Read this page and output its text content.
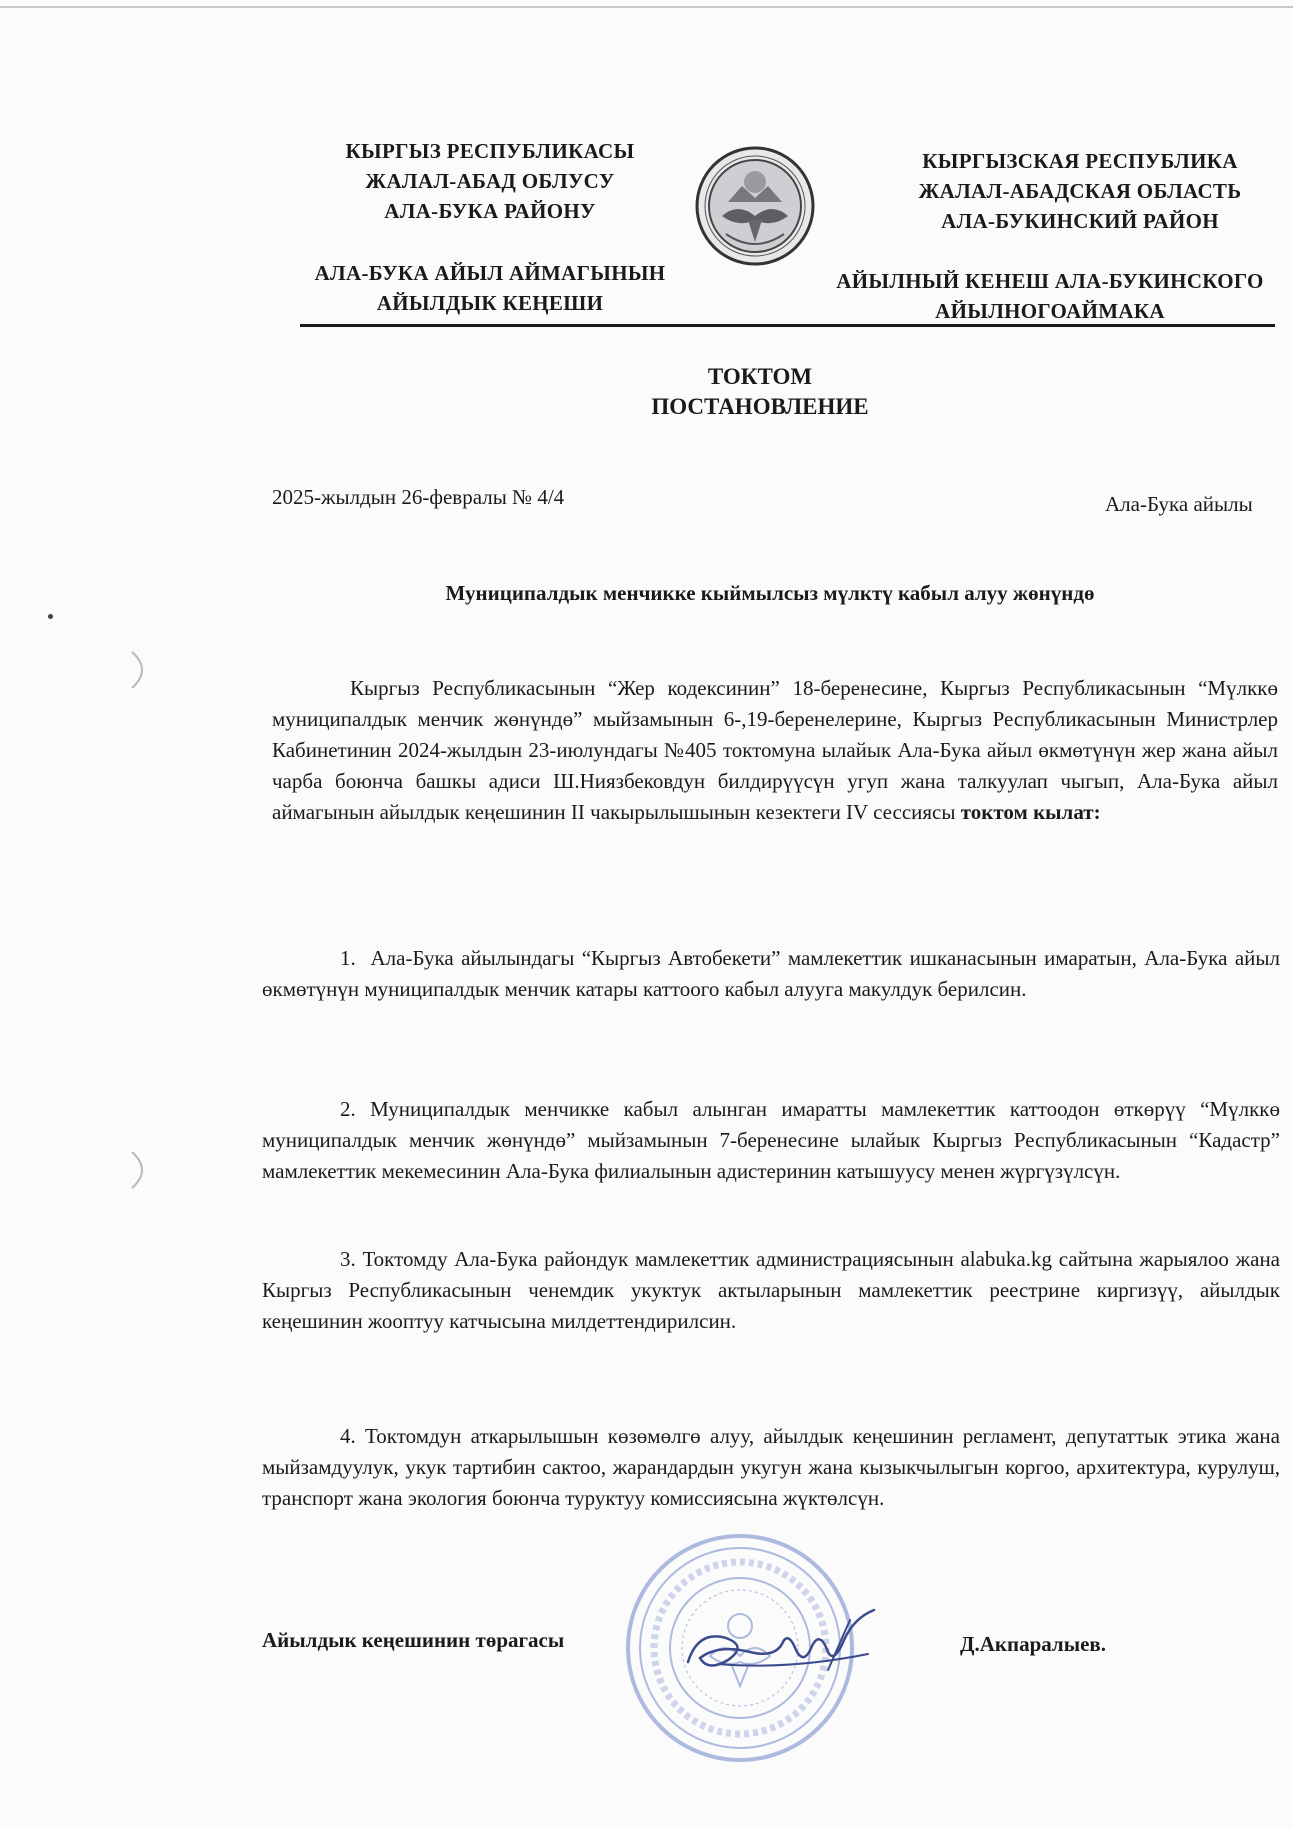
КЫРГЫЗ РЕСПУБЛИКАСЫ
ЖАЛАЛ-АБАД ОБЛУСУ
АЛА-БУКА РАЙОНУ
КЫРГЫЗСКАЯ РЕСПУБЛИКА
ЖАЛАЛ-АБАДСКАЯ ОБЛАСТЬ
АЛА-БУКИНСКИЙ РАЙОН
АЛА-БУКА АЙЫЛ АЙМАГЫНЫН
АЙЫЛДЫК КЕҢЕШИ
АЙЫЛНЫЙ КЕНЕШ АЛА-БУКИНСКОГО
АЙЫЛНОГОАЙМАКА
ТОКТОМ
ПОСТАНОВЛЕНИЕ
2025-жылдын 26-февралы № 4/4	Ала-Бука айылы
Муниципалдык менчикке кыймылсыз мүлктү кабыл алуу жөнүндө

Кыргыз Республикасынын “Жер кодексинин” 18-беренесине, Кыргыз Республикасынын “Мүлккө муниципалдык менчик жөнүндө” мыйзамынын 6-,19-беренелерине, Кыргыз Республикасынын Министрлер Кабинетинин 2024-жылдын 23-июлундагы №405 токтомуна ылайык Ала-Бука айыл өкмөтүнүн жер жана айыл чарба боюнча башкы адиси Ш.Ниязбековдун билдирүүсүн угуп жана талкуулап чыгып, Ала-Бука айыл аймагынын айылдык кеңешинин II чакырылышынын кезектеги IV сессиясы токтом кылат:

1. Ала-Бука айылындагы “Кыргыз Автобекети” мамлекеттик ишканасынын имаратын, Ала-Бука айыл өкмөтүнүн муниципалдык менчик катары каттоого кабыл алууга макулдук берилсин.

2. Муниципалдык менчикке кабыл алынган имаратты мамлекеттик каттоодон өткөрүү “Мүлккө муниципалдык менчик жөнүндө” мыйзамынын 7-беренесине ылайык Кыргыз Республикасынын “Кадастр” мамлекеттик мекемесинин Ала-Бука филиалынын адистеринин катышуусу менен жүргүзүлсүн.

3. Токтомду Ала-Бука райондук мамлекеттик администрациясынын alabuka.kg сайтына жарыялоо жана Кыргыз Республикасынын ченемдик укуктук актыларынын мамлекеттик реестрине киргизүү, айылдык кеңешинин жооптуу катчысына милдеттендирилсин.

4. Токтомдун аткарылышын көзөмөлгө алуу, айылдык кеңешинин регламент, депутаттык этика жана мыйзамдуулук, укук тартибин сактоо, жарандардын укугун жана кызыкчылыгын коргоо, архитектура, курулуш, транспорт жана экология боюнча туруктуу комиссиясына жүктөлсүн.

Айылдык кеңешинин төрагасы	Д.Акпаралыев.
